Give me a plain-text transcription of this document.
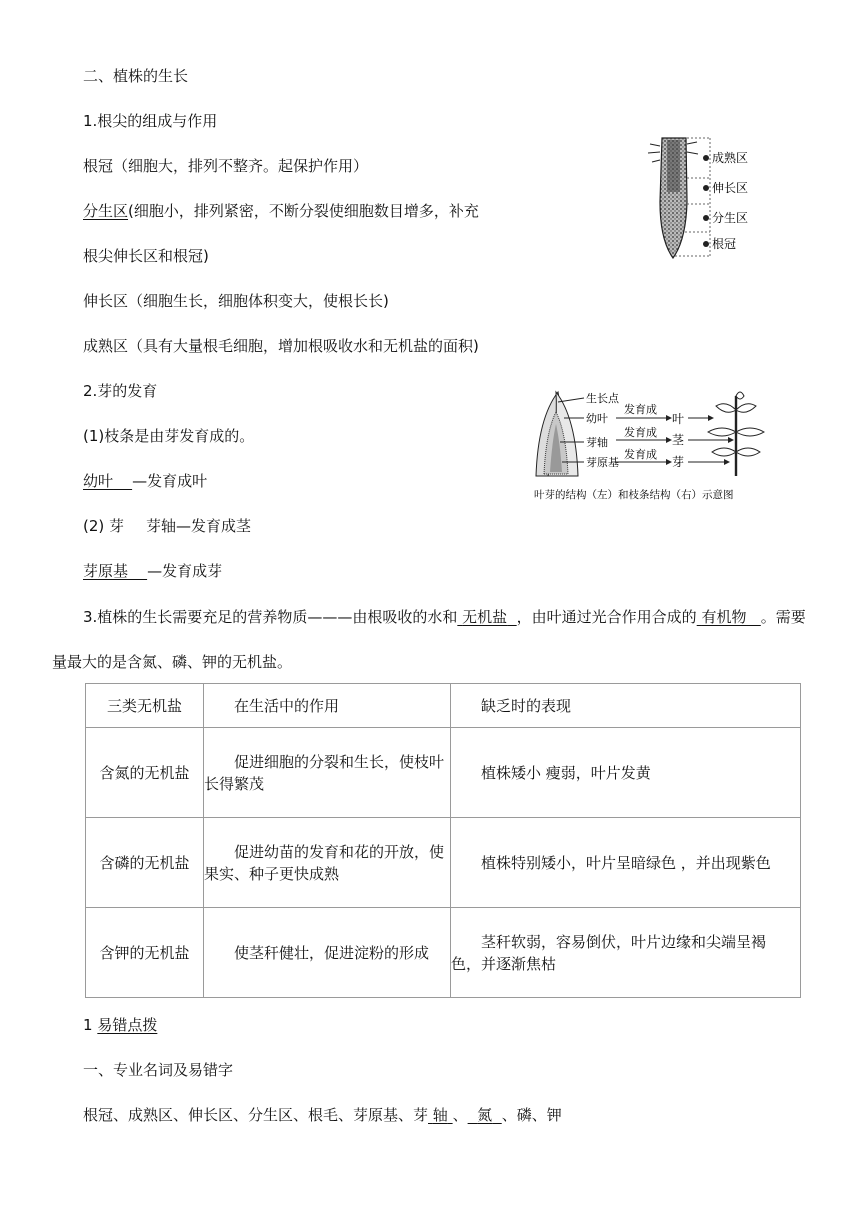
二、植株的生长
1.根尖的组成与作用
根冠（细胞大，排列不整齐。起保护作用）
分生区(细胞小，排列紧密，不断分裂使细胞数目增多，补充
根尖伸长区和根冠)
伸长区（细胞生长，细胞体积变大，使根长长)
成熟区（具有大量根毛细胞，增加根吸收水和无机盐的面积)
成熟区
伸长区
分生区
根冠
2.芽的发育
(1)枝条是由芽发育成的。
幼叶 —发育成叶
(2) 芽 芽轴—发育成茎
芽原基 —发育成芽
生长点
幼叶
芽轴
芽原基
发育成
发育成
发育成
叶
茎
芽
叶芽的结构（左）和枝条结构（右）示意图
3.植株的生长需要充足的营养物质———由根吸收的水和 无机盐 ，由叶通过光合作用合成的 有机物 。需要
量最大的是含氮、磷、钾的无机盐。
三类无机盐	在生活中的作用	缺乏时的表现
含氮的无机盐	促进细胞的分裂和生长，使枝叶长得繁茂	植株矮小 瘦弱，叶片发黄
含磷的无机盐	促进幼苗的发育和花的开放，使果实、种子更快成熟	植株特别矮小，叶片呈暗绿色 ，并出现紫色
含钾的无机盐	使茎秆健壮，促进淀粉的形成	茎秆软弱，容易倒伏，叶片边缘和尖端呈褐色，并逐渐焦枯
1 易错点拨
一、专业名词及易错字
根冠、成熟区、伸长区、分生区、根毛、芽原基、芽 轴 、 氮 、磷、钾
